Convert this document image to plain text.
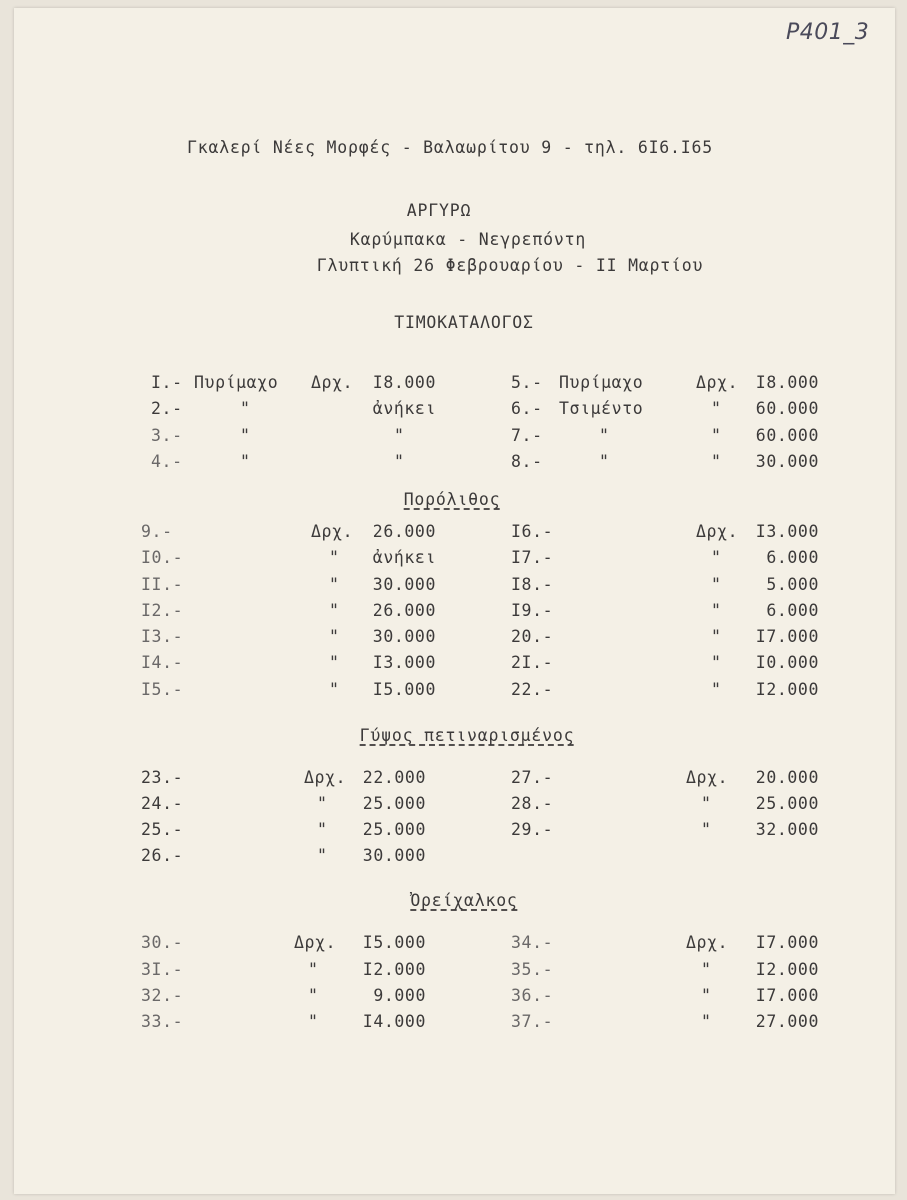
P401_3
Γκαλερί Νέες Μορφές - Βαλαωρίτου 9 - τηλ. 6Ι6.Ι65
ΑΡΓΥΡΩ
Καρύμπακα - Νεγρεπόντη
Γλυπτική 26 Φεβρουαρίου - ΙΙ Μαρτίου
ΤΙΜΟΚΑΤΑΛΟΓΟΣ
Ι.- Πυρίμαχο Δρχ. Ι8.000	5.- Πυρίμαχο	Δρχ. Ι8.000
2.-	"	ἀνήκει	6.- Τσιμέντο	" 60.000
3.-	"	"	7.-	"	" 60.000
4.-	"	"	8.-	"	" 30.000
Πορόλιθος
9.-	Δρχ. 26.000	Ι6.-	Δρχ. Ι3.000
Ι0.-	" ἀνήκει	Ι7.-	"	6.000
ΙΙ.-	" 30.000	Ι8.-	"	5.000
Ι2.-	" 26.000	Ι9.-	"	6.000
Ι3.-	" 30.000	20.-	" Ι7.000
Ι4.-	" Ι3.000	2Ι.-	" Ι0.000
Ι5.-	" Ι5.000	22.-	" Ι2.000
Γύψος πετιναρισμένος
23.-	Δρχ. 22.000	27.-	Δρχ. 20.000
24.-	" 25.000	28.-	"	25.000
25.-	" 25.000	29.-	"	32.000
26.-	" 30.000
Ὀρείχαλκος
30.-	Δρχ. Ι5.000	34.-	Δρχ. Ι7.000
3Ι.-	"	Ι2.000	35.-	"	Ι2.000
32.-	"	9.000	36.-	"	Ι7.000
33.-	"	Ι4.000	37.-	"	27.000
